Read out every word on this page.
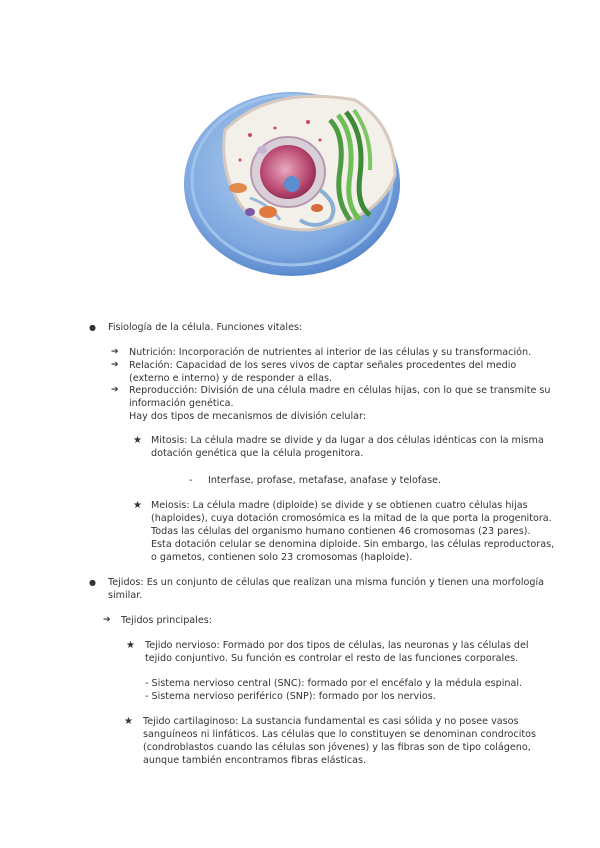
● Fisiología de la célula. Funciones vitales:
➔ Nutrición: Incorporación de nutrientes al interior de las células y su transformación.
➔ Relación: Capacidad de los seres vivos de captar señales procedentes del medio
(externo e interno) y de responder a ellas.
➔ Reproducción: División de una célula madre en células hijas, con lo que se transmite su
información genética.
Hay dos tipos de mecanismos de división celular:
★ Mitosis: La célula madre se divide y da lugar a dos células idénticas con la misma
dotación genética que la célula progenitora.
- Interfase, profase, metafase, anafase y telofase.
★ Meiosis: La célula madre (diploide) se divide y se obtienen cuatro células hijas
(haploides), cuya dotación cromosómica es la mitad de la que porta la progenitora.
Todas las células del organismo humano contienen 46 cromosomas (23 pares).
Esta dotación celular se denomina diploide. Sin embargo, las células reproductoras,
o gametos, contienen solo 23 cromosomas (haploide).
● Tejidos: Es un conjunto de células que realizan una misma función y tienen una morfología
similar.
➔ Tejidos principales:
★ Tejido nervioso: Formado por dos tipos de células, las neuronas y las células del
tejido conjuntivo. Su función es controlar el resto de las funciones corporales.
- Sistema nervioso central (SNC): formado por el encéfalo y la médula espinal.
- Sistema nervioso periférico (SNP): formado por los nervios.
★ Tejido cartilaginoso: La sustancia fundamental es casi sólida y no posee vasos
sanguíneos ni linfáticos. Las células que lo constituyen se denominan condrocitos
(condroblastos cuando las células son jóvenes) y las fibras son de tipo colágeno,
aunque también encontramos fibras elásticas.
